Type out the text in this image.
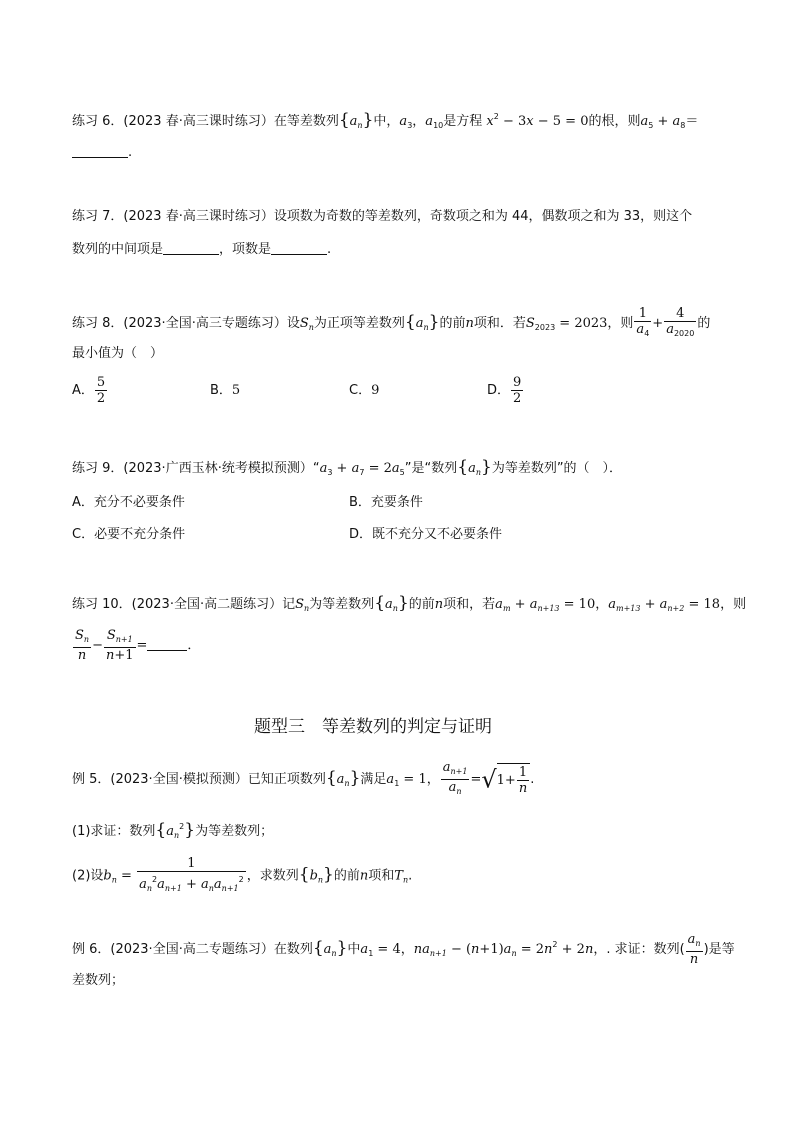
练习 6．(2023 春·高三课时练习）在等差数列$\{a_n\}$中，$a_3$，$a_{10}$是方程 $x^2 - 3x - 5 = 0$的根，则$a_5 + a_8=$
.
练习 7．(2023 春·高三课时练习）设项数为奇数的等差数列，奇数项之和为 44，偶数项之和为 33，则这个
数列的中间项是	，项数是	.
练习 8．(2023·全国·高三专题练习）设$S_n$为正项等差数列$\{a_n\}$的前n项和．若$S_{2023} = 2023$，则 $\frac{1}{a_4} + \frac{4}{a_{2020}}$ 的
最小值为（　）
A． $\frac{5}{2}$	B．5	C．9	D． $\frac{9}{2}$
练习 9．(2023·广西玉林·统考模拟预测）“$a_3 + a_7 = 2a_5$”是“数列$\{a_n\}$为等差数列”的（　）．
A．充分不必要条件	B．充要条件
C．必要不充分条件	D．既不充分又不必要条件
练习 10．(2023·全国·高二题练习）记$S_n$为等差数列$\{a_n\}$的前n项和，若$a_m + a_{n+13} = 10$，$a_{m+13} + a_{n+2} = 18$，则
$\frac{S_n}{n} - \frac{S_{n+1}}{n+1}$ =	．
题型三　等差数列的判定与证明
例 5．(2023·全国·模拟预测）已知正项数列$\{a_n\}$满足$a_1 = 1$， $\frac{a_{n+1}}{a_n} =√1+ \frac{1}{n}$ .
(1)求证：数列$\{a_n^2\}$为等差数列；
(2)设$b_n = \frac{1}{a_n^2a_{n+1} + a_na_{n+1}^2}$ ，求数列$\{b_n\}$的前n项和$T_n$.
例 6．(2023·全国·高二专题练习）在数列$\{a_n\}$中$a_1 = 4$，$na_{n+1} - (n+1)a_n = 2n^2 + 2n$，. 求证：数列( $\frac{a_n}{n}$ )是等
差数列；
